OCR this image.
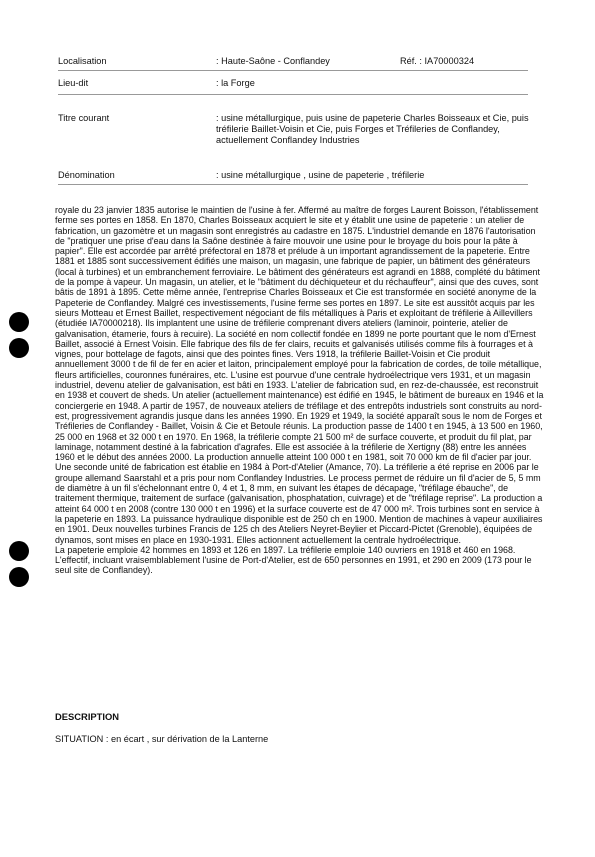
Localisation	: Haute-Saône - Conflandey	Réf. : IA70000324
Lieu-dit	: la Forge
Titre courant	: usine métallurgique, puis usine de papeterie Charles Boisseaux et Cie, puis tréfilerie Baillet-Voisin et Cie, puis Forges et Tréfileries de Conflandey, actuellement Conflandey Industries
Dénomination	: usine métallurgique , usine de papeterie , tréfilerie

royale du 23 janvier 1835 autorise le maintien de l'usine à fer. Affermé au maître de forges Laurent Boisson, l'établissement ferme ses portes en 1858. En 1870, Charles Boisseaux acquiert le site et y établit une usine de papeterie : un atelier de fabrication, un gazomètre et un magasin sont enregistrés au cadastre en 1875. L'industriel demande en 1876 l'autorisation de "pratiquer une prise d'eau dans la Saône destinée à faire mouvoir une usine pour le broyage du bois pour la pâte à papier". Elle est accordée par arrêté préfectoral en 1878 et prélude à un important agrandissement de la papeterie. Entre 1881 et 1885 sont successivement édifiés une maison, un magasin, une fabrique de papier, un bâtiment des générateurs (local à turbines) et un embranchement ferroviaire. Le bâtiment des générateurs est agrandi en 1888, complété du bâtiment de la pompe à vapeur. Un magasin, un atelier, et le "bâtiment du déchiqueteur et du réchauffeur", ainsi que des cuves, sont bâtis de 1891 à 1895. Cette même année, l'entreprise Charles Boisseaux et Cie est transformée en société anonyme de la Papeterie de Conflandey. Malgré ces investissements, l'usine ferme ses portes en 1897. Le site est aussitôt acquis par les sieurs Motteau et Ernest Baillet, respectivement négociant de fils métalliques à Paris et exploitant de tréfilerie à Aillevillers (étudiée IA70000218). Ils implantent une usine de tréfilerie comprenant divers ateliers (laminoir, pointerie, atelier de galvanisation, étamerie, fours à recuire). La société en nom collectif fondée en 1899 ne porte pourtant que le nom d'Ernest Baillet, associé à Ernest Voisin. Elle fabrique des fils de fer clairs, recuits et galvanisés utilisés comme fils à fourrages et à vignes, pour bottelage de fagots, ainsi que des pointes fines. Vers 1918, la tréfilerie Baillet-Voisin et Cie produit annuellement 3000 t de fil de fer en acier et laiton, principalement employé pour la fabrication de cordes, de toile métallique, fleurs artificielles, couronnes funéraires, etc. L'usine est pourvue d'une centrale hydroélectrique vers 1931, et un magasin industriel, devenu atelier de galvanisation, est bâti en 1933. L'atelier de fabrication sud, en rez-de-chaussée, est reconstruit en 1938 et couvert de sheds. Un atelier (actuellement maintenance) est édifié en 1945, le bâtiment de bureaux en 1946 et la conciergerie en 1948. A partir de 1957, de nouveaux ateliers de tréfilage et des entrepôts industriels sont construits au nord-est, progressivement agrandis jusque dans les années 1990. En 1929 et 1949, la société apparaît sous le nom de Forges et Tréfileries de Conflandey - Baillet, Voisin & Cie et Betoule réunis. La production passe de 1400 t en 1945, à 13 500 en 1960, 25 000 en 1968 et 32 000 t en 1970. En 1968, la tréfilerie compte 21 500 m² de surface couverte, et produit du fil plat, par laminage, notamment destiné à la fabrication d'agrafes. Elle est associée à la tréfilerie de Xertigny (88) entre les années 1960 et le début des années 2000. La production annuelle atteint 100 000 t en 1981, soit 70 000 km de fil d'acier par jour. Une seconde unité de fabrication est établie en 1984 à Port-d'Atelier (Amance, 70). La tréfilerie a été reprise en 2006 par le groupe allemand Saarstahl et a pris pour nom Conflandey Industries. Le process permet de réduire un fil d'acier de 5, 5 mm de diamètre à un fil s'échelonnant entre 0, 4 et 1, 8 mm, en suivant les étapes de décapage, "tréfilage ébauche", de traitement thermique, traitement de surface (galvanisation, phosphatation, cuivrage) et de "tréfilage reprise". La production a atteint 64 000 t en 2008 (contre 130 000 t en 1996) et la surface couverte est de 47 000 m². Trois turbines sont en service à la papeterie en 1893. La puissance hydraulique disponible est de 250 ch en 1900. Mention de machines à vapeur auxiliaires en 1901. Deux nouvelles turbines Francis de 125 ch des Ateliers Neyret-Beylier et Piccard-Pictet (Grenoble), équipées de dynamos, sont mises en place en 1930-1931. Elles actionnent actuellement la centrale hydroélectrique.

La papeterie emploie 42 hommes en 1893 et 126 en 1897. La tréfilerie emploie 140 ouvriers en 1918 et 460 en 1968. L'effectif, incluant vraisemblablement l'usine de Port-d'Atelier, est de 650 personnes en 1991, et 290 en 2009 (173 pour le seul site de Conflandey).

DESCRIPTION
SITUATION : en écart , sur dérivation de la Lanterne
